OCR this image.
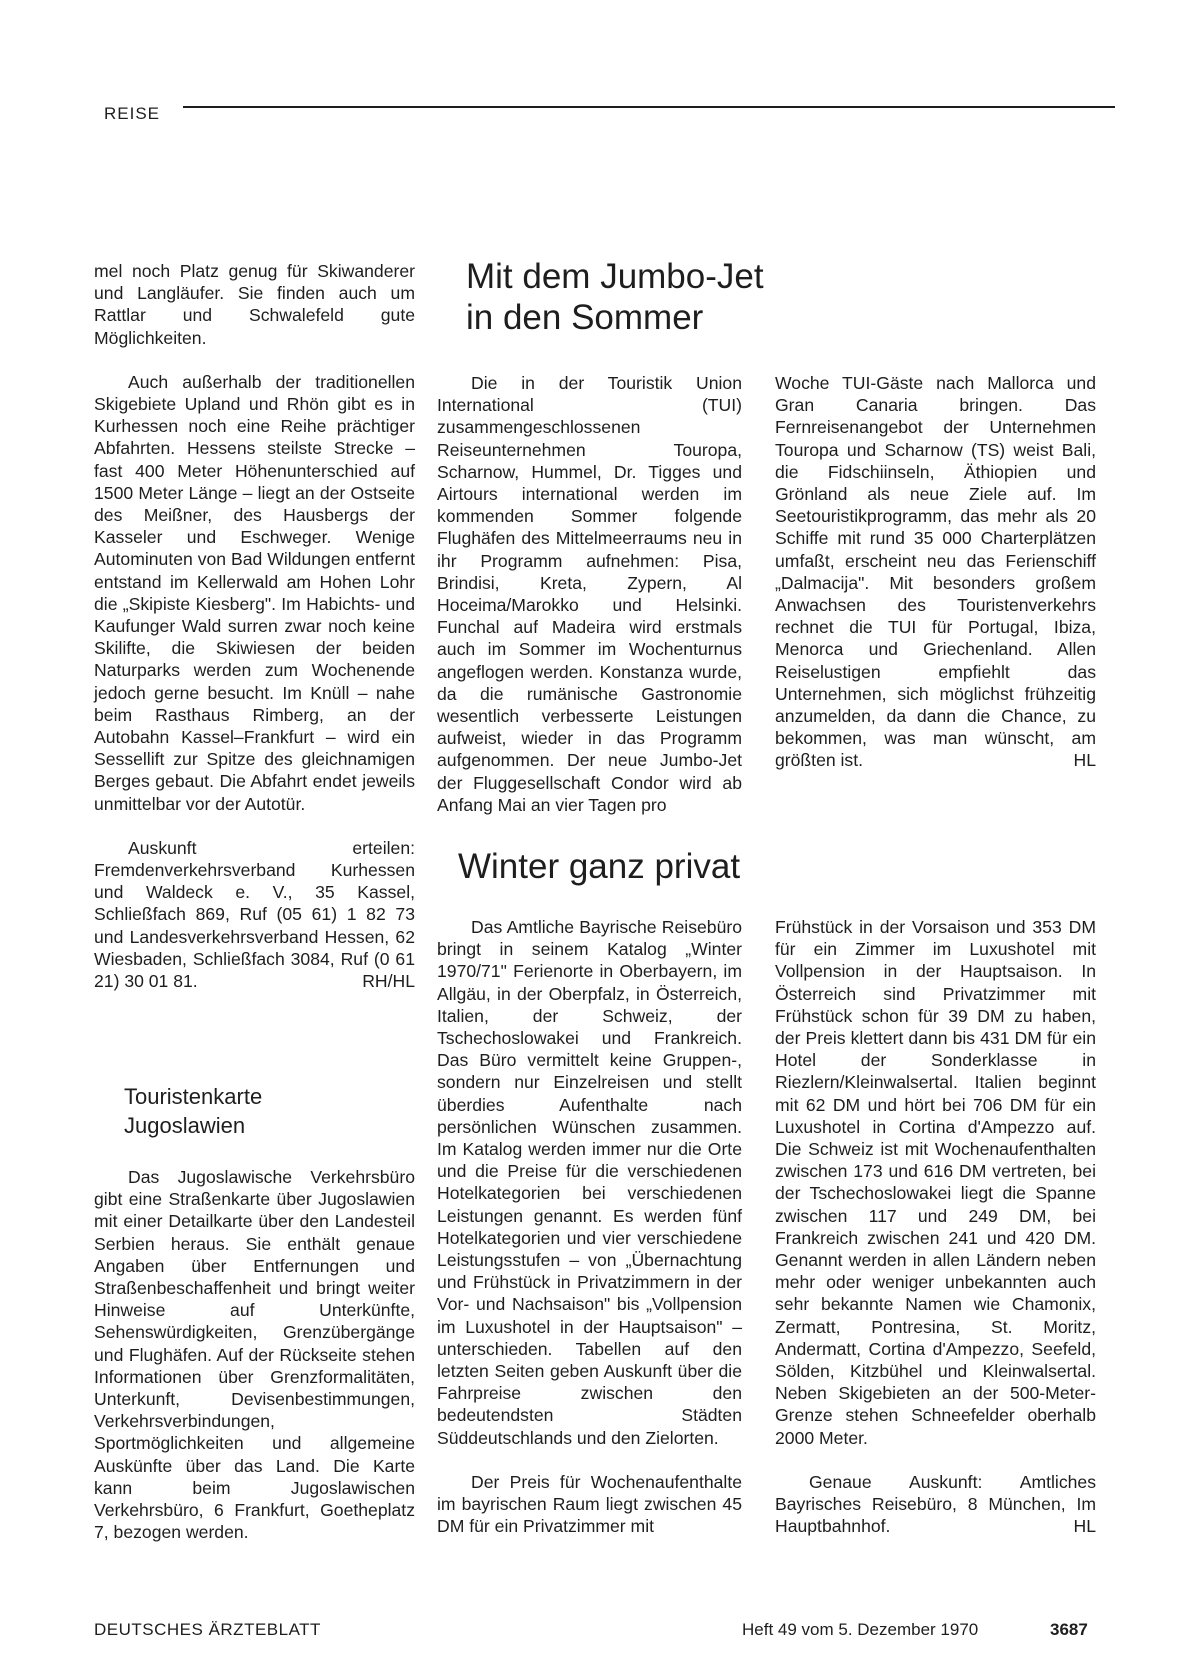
REISE

mel noch Platz genug für Skiwanderer und Langläufer. Sie finden auch um Rattlar und Schwalefeld gute Möglichkeiten.

Auch außerhalb der traditionellen Skigebiete Upland und Rhön gibt es in Kurhessen noch eine Reihe prächtiger Abfahrten. Hessens steilste Strecke – fast 400 Meter Höhenunterschied auf 1500 Meter Länge – liegt an der Ostseite des Meißner, des Hausbergs der Kasseler und Eschweger. Wenige Autominuten von Bad Wildungen entfernt entstand im Kellerwald am Hohen Lohr die „Skipiste Kiesberg". Im Habichts- und Kaufunger Wald surren zwar noch keine Skilifte, die Skiwiesen der beiden Naturparks werden zum Wochenende jedoch gerne besucht. Im Knüll – nahe beim Rasthaus Rimberg, an der Autobahn Kassel–Frankfurt – wird ein Sessellift zur Spitze des gleichnamigen Berges gebaut. Die Abfahrt endet jeweils unmittelbar vor der Autotür.

Auskunft erteilen: Fremdenverkehrsverband Kurhessen und Waldeck e. V., 35 Kassel, Schließfach 869, Ruf (05 61) 1 82 73 und Landesverkehrsverband Hessen, 62 Wiesbaden, Schließfach 3084, Ruf (0 61 21) 30 01 81.	RH/HL

Touristenkarte
Jugoslawien

Das Jugoslawische Verkehrsbüro gibt eine Straßenkarte über Jugoslawien mit einer Detailkarte über den Landesteil Serbien heraus. Sie enthält genaue Angaben über Entfernungen und Straßenbeschaffenheit und bringt weiter Hinweise auf Unterkünfte, Sehenswürdigkeiten, Grenzübergänge und Flughäfen. Auf der Rückseite stehen Informationen über Grenzformalitäten, Unterkunft, Devisenbestimmungen, Verkehrsverbindungen, Sportmöglichkeiten und allgemeine Auskünfte über das Land. Die Karte kann beim Jugoslawischen Verkehrsbüro, 6 Frankfurt, Goetheplatz 7, bezogen werden.

Mit dem Jumbo-Jet
in den Sommer

Die in der Touristik Union International (TUI) zusammengeschlossenen Reiseunternehmen Touropa, Scharnow, Hummel, Dr. Tigges und Airtours international werden im kommenden Sommer folgende Flughäfen des Mittelmeerraums neu in ihr Programm aufnehmen: Pisa, Brindisi, Kreta, Zypern, Al Hoceima/Marokko und Helsinki. Funchal auf Madeira wird erstmals auch im Sommer im Wochenturnus angeflogen werden. Konstanza wurde, da die rumänische Gastronomie wesentlich verbesserte Leistungen aufweist, wieder in das Programm aufgenommen. Der neue Jumbo-Jet der Fluggesellschaft Condor wird ab Anfang Mai an vier Tagen pro

Woche TUI-Gäste nach Mallorca und Gran Canaria bringen. Das Fernreisenangebot der Unternehmen Touropa und Scharnow (TS) weist Bali, die Fidschiinseln, Äthiopien und Grönland als neue Ziele auf. Im Seetouristikprogramm, das mehr als 20 Schiffe mit rund 35 000 Charterplätzen umfaßt, erscheint neu das Ferienschiff „Dalmacija". Mit besonders großem Anwachsen des Touristenverkehrs rechnet die TUI für Portugal, Ibiza, Menorca und Griechenland. Allen Reiselustigen empfiehlt das Unternehmen, sich möglichst frühzeitig anzumelden, da dann die Chance, zu bekommen, was man wünscht, am größten ist.	HL

Winter ganz privat

Das Amtliche Bayrische Reisebüro bringt in seinem Katalog „Winter 1970/71" Ferienorte in Oberbayern, im Allgäu, in der Oberpfalz, in Österreich, Italien, der Schweiz, der Tschechoslowakei und Frankreich. Das Büro vermittelt keine Gruppen-, sondern nur Einzelreisen und stellt überdies Aufenthalte nach persönlichen Wünschen zusammen. Im Katalog werden immer nur die Orte und die Preise für die verschiedenen Hotelkategorien bei verschiedenen Leistungen genannt. Es werden fünf Hotelkategorien und vier verschiedene Leistungsstufen – von „Übernachtung und Frühstück in Privatzimmern in der Vor- und Nachsaison" bis „Vollpension im Luxushotel in der Hauptsaison" – unterschieden. Tabellen auf den letzten Seiten geben Auskunft über die Fahrpreise zwischen den bedeutendsten Städten Süddeutschlands und den Zielorten.

Der Preis für Wochenaufenthalte im bayrischen Raum liegt zwischen 45 DM für ein Privatzimmer mit

Frühstück in der Vorsaison und 353 DM für ein Zimmer im Luxushotel mit Vollpension in der Hauptsaison. In Österreich sind Privatzimmer mit Frühstück schon für 39 DM zu haben, der Preis klettert dann bis 431 DM für ein Hotel der Sonderklasse in Riezlern/Kleinwalsertal. Italien beginnt mit 62 DM und hört bei 706 DM für ein Luxushotel in Cortina d'Ampezzo auf. Die Schweiz ist mit Wochenaufenthalten zwischen 173 und 616 DM vertreten, bei der Tschechoslowakei liegt die Spanne zwischen 117 und 249 DM, bei Frankreich zwischen 241 und 420 DM. Genannt werden in allen Ländern neben mehr oder weniger unbekannten auch sehr bekannte Namen wie Chamonix, Zermatt, Pontresina, St. Moritz, Andermatt, Cortina d'Ampezzo, Seefeld, Sölden, Kitzbühel und Kleinwalsertal. Neben Skigebieten an der 500-Meter-Grenze stehen Schneefelder oberhalb 2000 Meter.

Genaue Auskunft: Amtliches Bayrisches Reisebüro, 8 München, Im Hauptbahnhof.	HL

DEUTSCHES ÄRZTEBLATT	Heft 49 vom 5. Dezember 1970	3687
